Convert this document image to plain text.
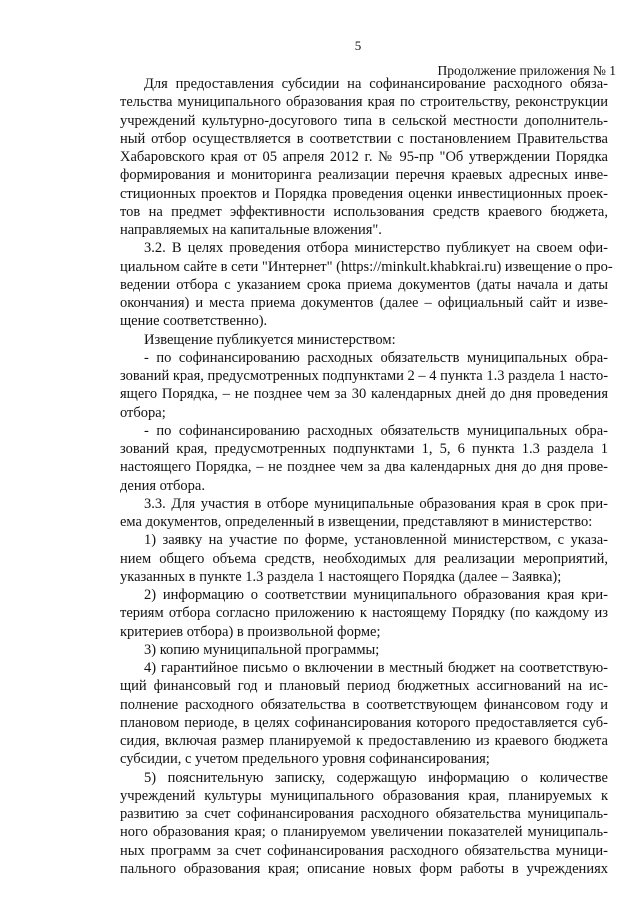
5
Продолжение приложения № 1
Для предоставления субсидии на софинансирование расходного обяза-
тельства муниципального образования края по строительству, реконструкции
учреждений культурно-досугового типа в сельской местности дополнитель-
ный отбор осуществляется в соответствии с постановлением Правительства
Хабаровского края от 05 апреля 2012 г. № 95-пр "Об утверждении Порядка
формирования и мониторинга реализации перечня краевых адресных инве-
стиционных проектов и Порядка проведения оценки инвестиционных проек-
тов на предмет эффективности использования средств краевого бюджета,
направляемых на капитальные вложения".
3.2. В целях проведения отбора министерство публикует на своем офи-
циальном сайте в сети "Интернет" (https://minkult.khabkrai.ru) извещение о про-
ведении отбора с указанием срока приема документов (даты начала и даты
окончания) и места приема документов (далее – официальный сайт и изве-
щение соответственно).
Извещение публикуется министерством:
- по софинансированию расходных обязательств муниципальных обра-
зований края, предусмотренных подпунктами 2 – 4 пункта 1.3 раздела 1 насто-
ящего Порядка, – не позднее чем за 30 календарных дней до дня проведения
отбора;
- по софинансированию расходных обязательств муниципальных обра-
зований края, предусмотренных подпунктами 1, 5, 6 пункта 1.3 раздела 1
настоящего Порядка, – не позднее чем за два календарных дня до дня прове-
дения отбора.
3.3. Для участия в отборе муниципальные образования края в срок при-
ема документов, определенный в извещении, представляют в министерство:
1) заявку на участие по форме, установленной министерством, с указа-
нием общего объема средств, необходимых для реализации мероприятий,
указанных в пункте 1.3 раздела 1 настоящего Порядка (далее – Заявка);
2) информацию о соответствии муниципального образования края кри-
териям отбора согласно приложению к настоящему Порядку (по каждому из
критериев отбора) в произвольной форме;
3) копию муниципальной программы;
4) гарантийное письмо о включении в местный бюджет на соответствую-
щий финансовый год и плановый период бюджетных ассигнований на ис-
полнение расходного обязательства в соответствующем финансовом году и
плановом периоде, в целях софинансирования которого предоставляется суб-
сидия, включая размер планируемой к предоставлению из краевого бюджета
субсидии, с учетом предельного уровня софинансирования;
5) пояснительную записку, содержащую информацию о количестве
учреждений культуры муниципального образования края, планируемых к
развитию за счет софинансирования расходного обязательства муниципаль-
ного образования края; о планируемом увеличении показателей муниципаль-
ных программ за счет софинансирования расходного обязательства муници-
пального образования края; описание новых форм работы в учреждениях
